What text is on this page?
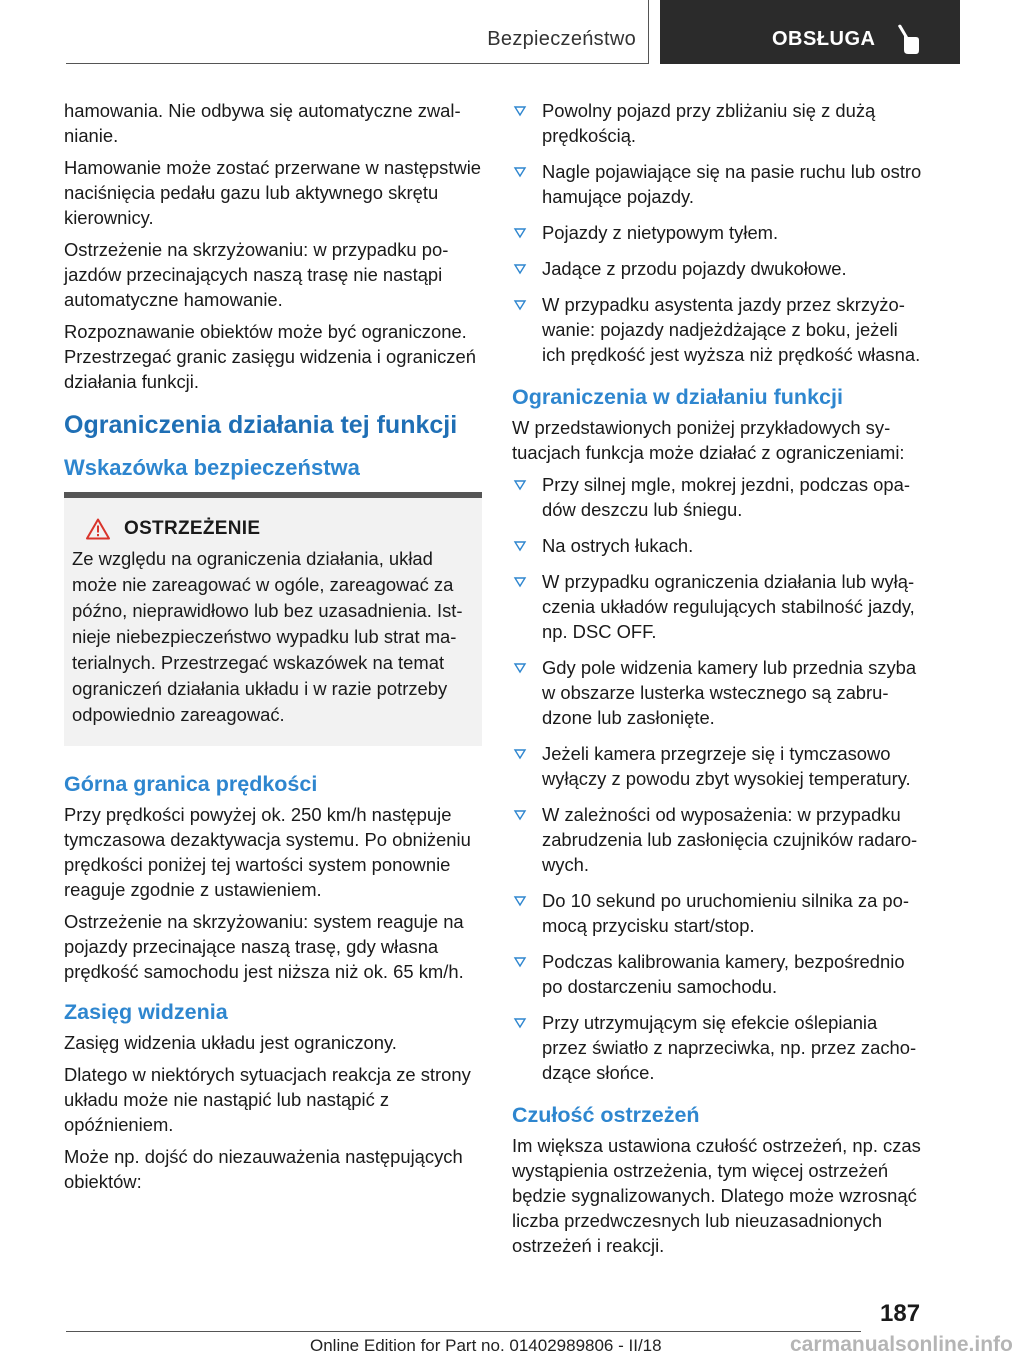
Bezpieczeństwo	OBSŁUGA

hamowania. Nie odbywa się automatyczne zwalnianie.

Hamowanie może zostać przerwane w następstwie naciśnięcia pedału gazu lub aktywnego skrętu kierownicy.

Ostrzeżenie na skrzyżowaniu: w przypadku pojazdów przecinających naszą trasę nie nastąpi automatyczne hamowanie.

Rozpoznawanie obiektów może być ograniczone. Przestrzegać granic zasięgu widzenia i ograniczeń działania funkcji.

Ograniczenia działania tej funkcji
Wskazówka bezpieczeństwa
OSTRZEŻENIE
Ze względu na ograniczenia działania, układ może nie zareagować w ogóle, zareagować za późno, nieprawidłowo lub bez uzasadnienia. Istnieje niebezpieczeństwo wypadku lub strat materialnych. Przestrzegać wskazówek na temat ograniczeń działania układu i w razie potrzeby odpowiednio zareagować.
Górna granica prędkości

Przy prędkości powyżej ok. 250 km/h następuje tymczasowa dezaktywacja systemu. Po obniżeniu prędkości poniżej tej wartości system ponownie reaguje zgodnie z ustawieniem.

Ostrzeżenie na skrzyżowaniu: system reaguje na pojazdy przecinające naszą trasę, gdy własna prędkość samochodu jest niższa niż ok. 65 km/h.

Zasięg widzenia

Zasięg widzenia układu jest ograniczony.

Dlatego w niektórych sytuacjach reakcja ze strony układu może nie nastąpić lub nastąpić z opóźnieniem.

Może np. dojść do niezauważenia następujących obiektów:

Powolny pojazd przy zbliżaniu się z dużą prędkością.
Nagle pojawiające się na pasie ruchu lub ostro hamujące pojazdy.
Pojazdy z nietypowym tyłem.
Jadące z przodu pojazdy dwukołowe.
W przypadku asystenta jazdy przez skrzyżowanie: pojazdy nadjeżdżające z boku, jeżeli ich prędkość jest wyższa niż prędkość własna.
Ograniczenia w działaniu funkcji

W przedstawionych poniżej przykładowych sytuacjach funkcja może działać z ograniczeniami:

Przy silnej mgle, mokrej jezdni, podczas opadów deszczu lub śniegu.
Na ostrych łukach.
W przypadku ograniczenia działania lub wyłączenia układów regulujących stabilność jazdy, np. DSC OFF.
Gdy pole widzenia kamery lub przednia szyba w obszarze lusterka wstecznego są zabrudzone lub zasłonięte.
Jeżeli kamera przegrzeje się i tymczasowo wyłączy z powodu zbyt wysokiej temperatury.
W zależności od wyposażenia: w przypadku zabrudzenia lub zasłonięcia czujników radarowych.
Do 10 sekund po uruchomieniu silnika za pomocą przycisku start/stop.
Podczas kalibrowania kamery, bezpośrednio po dostarczeniu samochodu.
Przy utrzymującym się efekcie oślepiania przez światło z naprzeciwka, np. przez zachodzące słońce.
Czułość ostrzeżeń

Im większa ustawiona czułość ostrzeżeń, np. czas wystąpienia ostrzeżenia, tym więcej ostrzeżeń będzie sygnalizowanych. Dlatego może wzrosnąć liczba przedwczesnych lub nieuzasadnionych ostrzeżeń i reakcji.

187
Online Edition for Part no. 01402989806 - II/18	carmanualsonline.info
